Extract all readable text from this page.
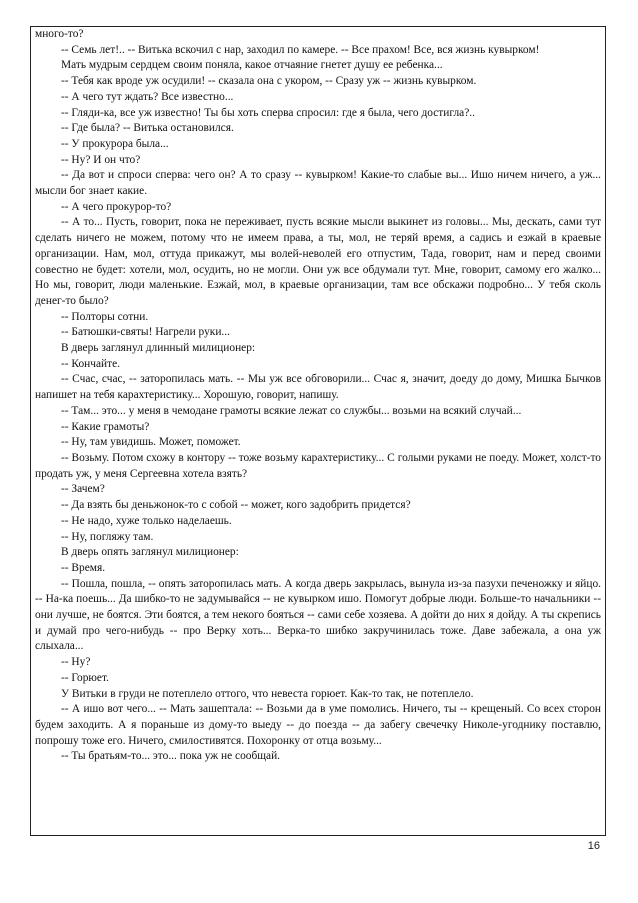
много-то?

-- Семь лет!.. -- Витька вскочил с нар, заходил по камере. -- Все прахом! Все, вся жизнь кувырком!

Мать мудрым сердцем своим поняла, какое отчаяние гнетет душу ее ребенка...

-- Тебя как вроде уж осудили! -- сказала она с укором, -- Сразу уж -- жизнь кувырком.

-- А чего тут ждать? Все известно...

-- Гляди-ка, все уж известно! Ты бы хоть сперва спросил: где я была, чего достигла?..

-- Где была? -- Витька остановился.

-- У прокурора была...

-- Ну? И он что?

-- Да вот и спроси сперва: чего он? А то сразу -- кувырком! Какие-то слабые вы... Ишо ничем ничего, а уж... мысли бог знает какие.

-- А чего прокурор-то?

-- А то... Пусть, говорит, пока не переживает, пусть всякие мысли выкинет из головы... Мы, дескать, сами тут сделать ничего не можем, потому что не имеем права, а ты, мол, не теряй время, а садись и езжай в краевые организации. Нам, мол, оттуда прикажут, мы волей-неволей его отпустим, Тада, говорит, нам и перед своими совестно не будет: хотели, мол, осудить, но не могли. Они уж все обдумали тут. Мне, говорит, самому его жалко... Но мы, говорит, люди маленькие. Езжай, мол, в краевые организации, там все обскажи подробно... У тебя сколь денег-то было?

-- Полторы сотни.

-- Батюшки-святы! Нагрели руки...

В дверь заглянул длинный милиционер:

-- Кончайте.

-- Счас, счас, -- заторопилась мать. -- Мы уж все обговорили... Счас я, значит, доеду до дому, Мишка Бычков напишет на тебя карахтеристику... Хорошую, говорит, напишу.

-- Там... это... у меня в чемодане грамоты всякие лежат со службы... возьми на всякий случай...

-- Какие грамоты?

-- Ну, там увидишь. Может, поможет.

-- Возьму. Потом схожу в контору -- тоже возьму карахтеристику... С голыми руками не поеду. Может, холст-то продать уж, у меня Сергеевна хотела взять?

-- Зачем?

-- Да взять бы деньжонок-то с собой -- может, кого задобрить придется?

-- Не надо, хуже только наделаешь.

-- Ну, погляжу там.

В дверь опять заглянул милиционер:

-- Время.

-- Пошла, пошла, -- опять заторопилась мать. А когда дверь закрылась, вынула из-за пазухи печеножку и яйцо. -- На-ка поешь... Да шибко-то не задумывайся -- не кувырком ишо. Помогут добрые люди. Больше-то начальники -- они лучше, не боятся. Эти боятся, а тем некого бояться -- сами себе хозяева. А дойти до них я дойду. А ты скрепись и думай про чего-нибудь -- про Верку хоть... Верка-то шибко закручинилась тоже. Даве забежала, а она уж слыхала...

-- Ну?

-- Горюет.

У Витьки в груди не потеплело оттого, что невеста горюет. Как-то так, не потеплело.

-- А ишо вот чего... -- Мать зашептала: -- Возьми да в уме помолись. Ничего, ты -- крещеный. Со всех сторон будем заходить. А я пораньше из дому-то выеду -- до поезда -- да забегу свечечку Николе-угоднику поставлю, попрошу тоже его. Ничего, смилостивятся. Похоронку от отца возьму...

-- Ты братьям-то... это... пока уж не сообщай.

16
